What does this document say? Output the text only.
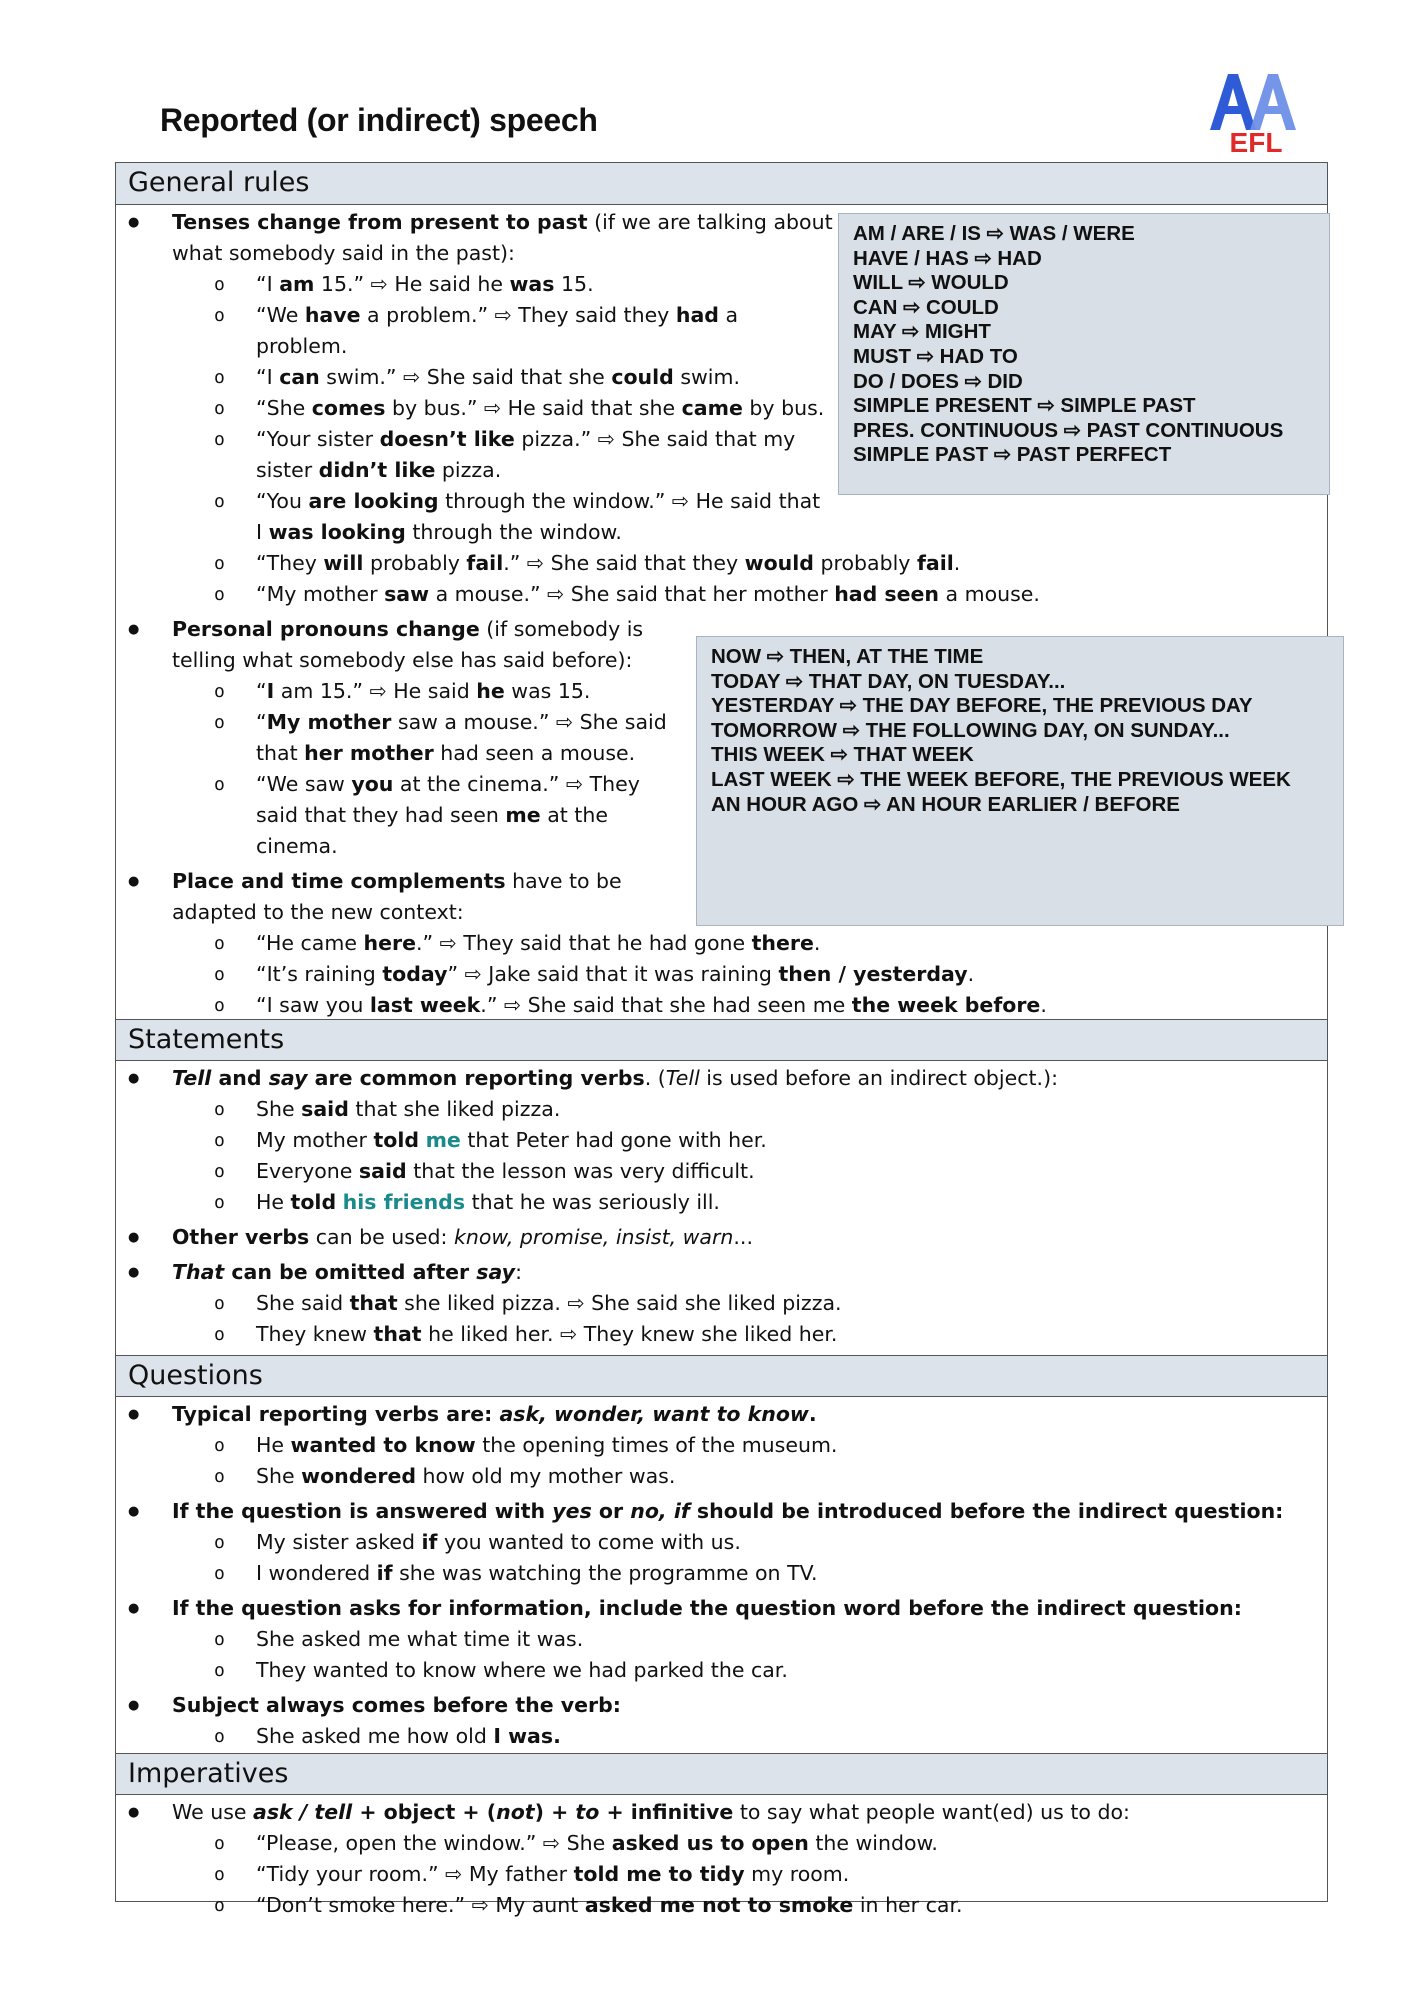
Reported (or indirect) speech
EFL
General rules
Statements
Questions
Imperatives
AM / ARE / IS ⇨ WAS / WERE
HAVE / HAS ⇨ HAD
WILL ⇨ WOULD
CAN ⇨ COULD
MAY ⇨ MIGHT
MUST ⇨ HAD TO
DO / DOES ⇨ DID
SIMPLE PRESENT ⇨ SIMPLE PAST
PRES. CONTINUOUS ⇨ PAST CONTINUOUS
SIMPLE PAST ⇨ PAST PERFECT
NOW ⇨ THEN, AT THE TIME
TODAY ⇨ THAT DAY, ON TUESDAY...
YESTERDAY ⇨ THE DAY BEFORE, THE PREVIOUS DAY
TOMORROW ⇨ THE FOLLOWING DAY, ON SUNDAY...
THIS WEEK ⇨ THAT WEEK
LAST WEEK ⇨ THE WEEK BEFORE, THE PREVIOUS WEEK
AN HOUR AGO ⇨ AN HOUR EARLIER / BEFORE
● Tenses change from present to past (if we are talking about
what somebody said in the past):
o “I am 15.” ⇨ He said he was 15.
o “We have a problem.” ⇨ They said they had a
problem.
o “I can swim.” ⇨ She said that she could swim.
o “She comes by bus.” ⇨ He said that she came by bus.
o “Your sister doesn’t like pizza.” ⇨ She said that my
sister didn’t like pizza.
o “You are looking through the window.” ⇨ He said that
I was looking through the window.
o “They will probably fail.” ⇨ She said that they would probably fail.
o “My mother saw a mouse.” ⇨ She said that her mother had seen a mouse.
● Personal pronouns change (if somebody is
telling what somebody else has said before):
o “I am 15.” ⇨ He said he was 15.
o “My mother saw a mouse.” ⇨ She said
that her mother had seen a mouse.
o “We saw you at the cinema.” ⇨ They
said that they had seen me at the
cinema.
● Place and time complements have to be
adapted to the new context:
o “He came here.” ⇨ They said that he had gone there.
o “It’s raining today” ⇨ Jake said that it was raining then / yesterday.
o “I saw you last week.” ⇨ She said that she had seen me the week before.
● Tell and say are common reporting verbs. (Tell is used before an indirect object.):
o She said that she liked pizza.
o My mother told me that Peter had gone with her.
o Everyone said that the lesson was very difficult.
o He told his friends that he was seriously ill.
● Other verbs can be used: know, promise, insist, warn...
● That can be omitted after say:
o She said that she liked pizza. ⇨ She said she liked pizza.
o They knew that he liked her. ⇨ They knew she liked her.
● Typical reporting verbs are: ask, wonder, want to know.
o He wanted to know the opening times of the museum.
o She wondered how old my mother was.
● If the question is answered with yes or no, if should be introduced before the indirect question:
o My sister asked if you wanted to come with us.
o I wondered if she was watching the programme on TV.
● If the question asks for information, include the question word before the indirect question:
o She asked me what time it was.
o They wanted to know where we had parked the car.
● Subject always comes before the verb:
o She asked me how old I was.
● We use ask / tell + object + (not) + to + infinitive to say what people want(ed) us to do:
o “Please, open the window.” ⇨ She asked us to open the window.
o “Tidy your room.” ⇨ My father told me to tidy my room.
o “Don’t smoke here.” ⇨ My aunt asked me not to smoke in her car.
